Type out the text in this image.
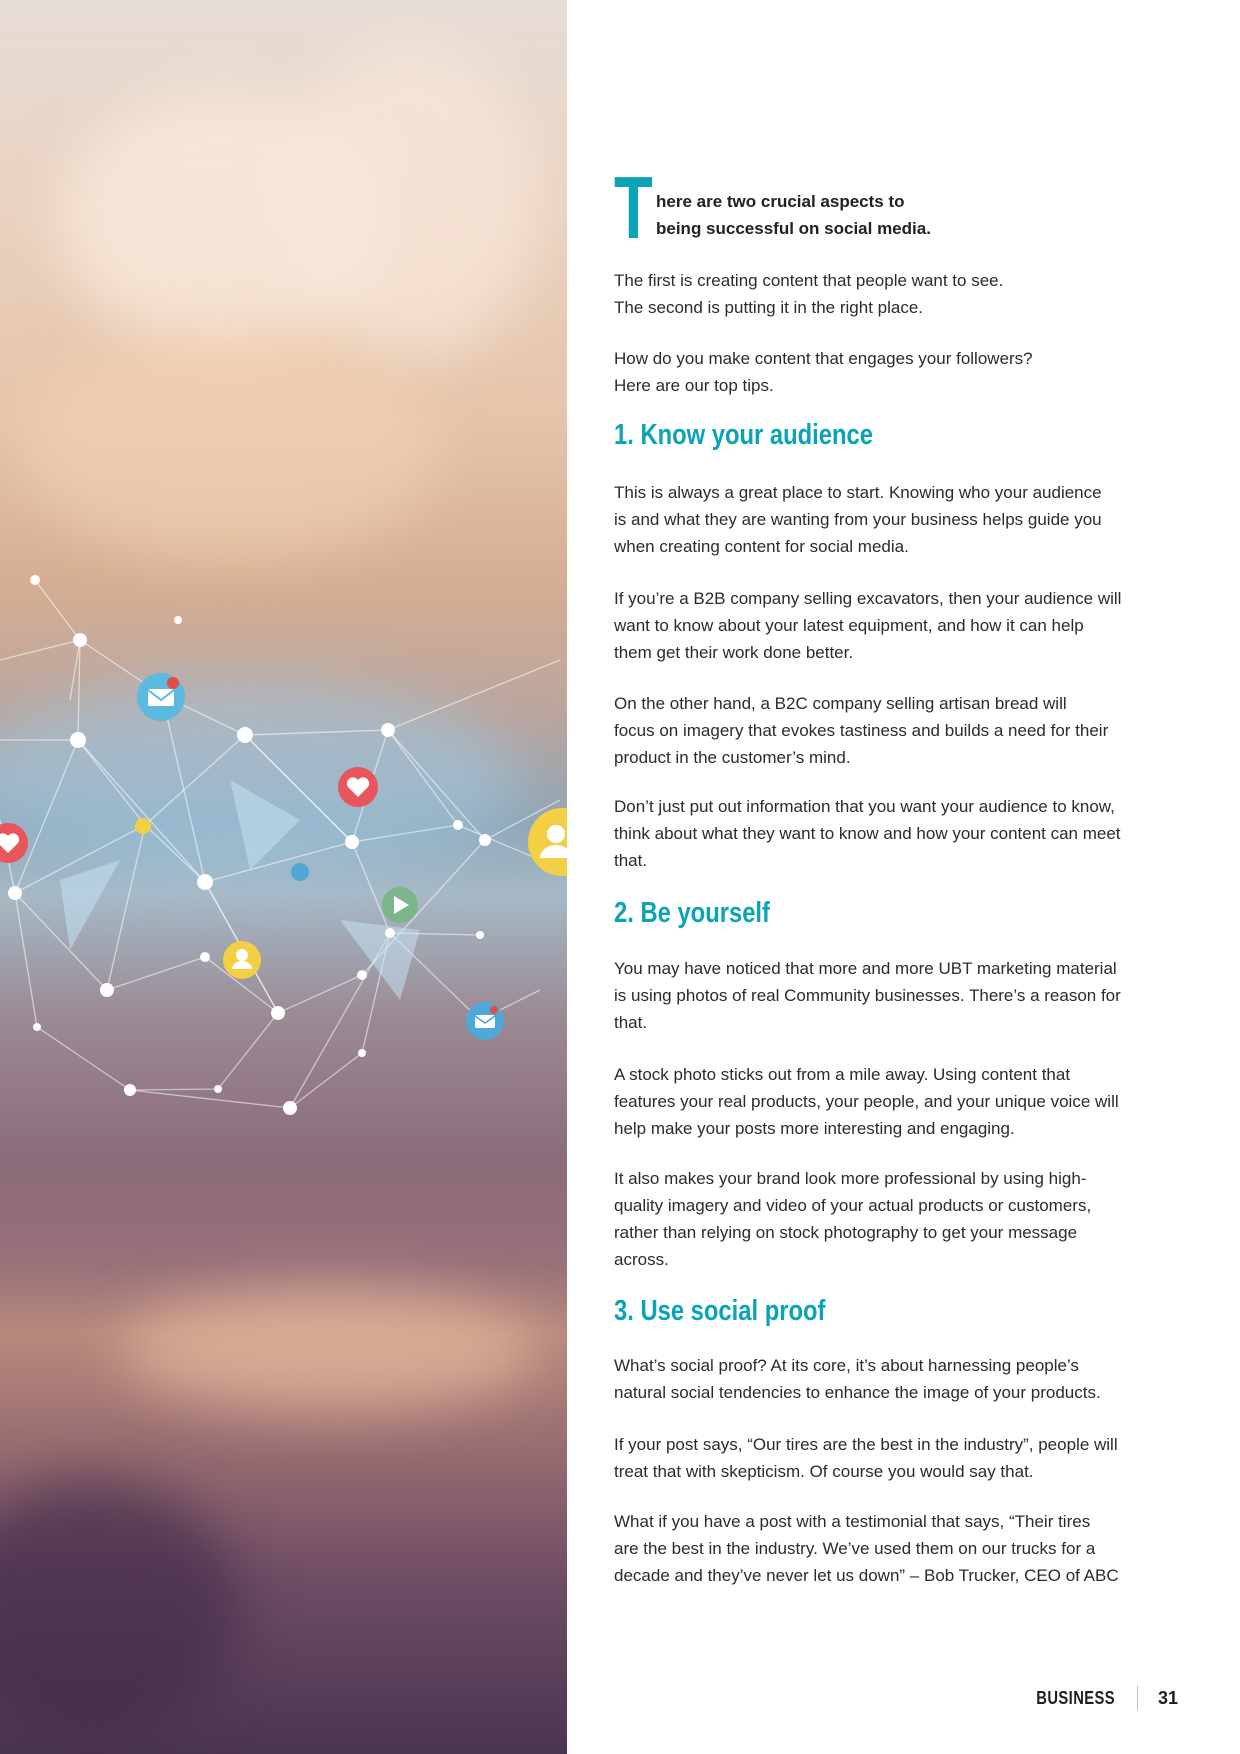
T here are two crucial aspects to
being successful on social media.

The first is creating content that people want to see.
The second is putting it in the right place.

How do you make content that engages your followers?
Here are our top tips.

1. Know your audience

This is always a great place to start. Knowing who your audience
is and what they are wanting from your business helps guide you
when creating content for social media.

If you’re a B2B company selling excavators, then your audience will
want to know about your latest equipment, and how it can help
them get their work done better.

On the other hand, a B2C company selling artisan bread will
focus on imagery that evokes tastiness and builds a need for their
product in the customer’s mind.

Don’t just put out information that you want your audience to know,
think about what they want to know and how your content can meet
that.

2. Be yourself

You may have noticed that more and more UBT marketing material
is using photos of real Community businesses. There’s a reason for
that.

A stock photo sticks out from a mile away. Using content that
features your real products, your people, and your unique voice will
help make your posts more interesting and engaging.

It also makes your brand look more professional by using high-
quality imagery and video of your actual products or customers,
rather than relying on stock photography to get your message
across.

3. Use social proof

What’s social proof? At its core, it’s about harnessing people’s
natural social tendencies to enhance the image of your products.

If your post says, “Our tires are the best in the industry”, people will
treat that with skepticism. Of course you would say that.

What if you have a post with a testimonial that says, “Their tires
are the best in the industry. We’ve used them on our trucks for a
decade and they’ve never let us down” – Bob Trucker, CEO of ABC

BUSINESS 31
